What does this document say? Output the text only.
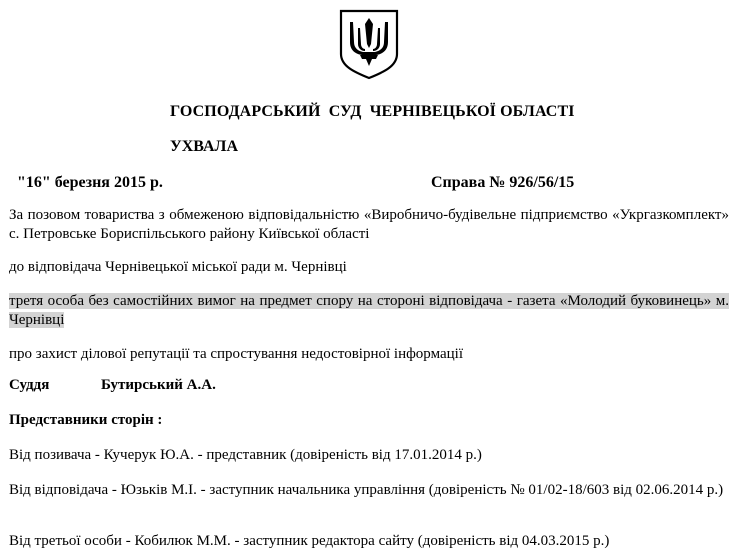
ГОСПОДАРСЬКИЙ  СУД  ЧЕРНІВЕЦЬКОЇ ОБЛАСТІ
УХВАЛА
"16" березня 2015 р.	Справа № 926/56/15
За позовом товариства з обмеженою відповідальністю «Виробничо-будівельне підприємство «Укргазкомплект» с. Петровське Бориспільського району Київської області
до відповідача Чернівецької міської ради м. Чернівці
третя особа без самостійних вимог на предмет спору на стороні відповідача - газета «Молодий буковинець» м. Чернівці
про захист ділової репутації та спростування недостовірної інформації
Суддя	Бутирський А.А.
Представники сторін :
Від позивача - Кучерук Ю.А. - представник (довіреність від 17.01.2014 р.)
Від відповідача - Юзьків М.І. - заступник начальника управління (довіреність № 01/02-18/603 від 02.06.2014 р.)
Від третьої особи - Кобилюк М.М. - заступник редактора сайту (довіреність від 04.03.2015 р.)
